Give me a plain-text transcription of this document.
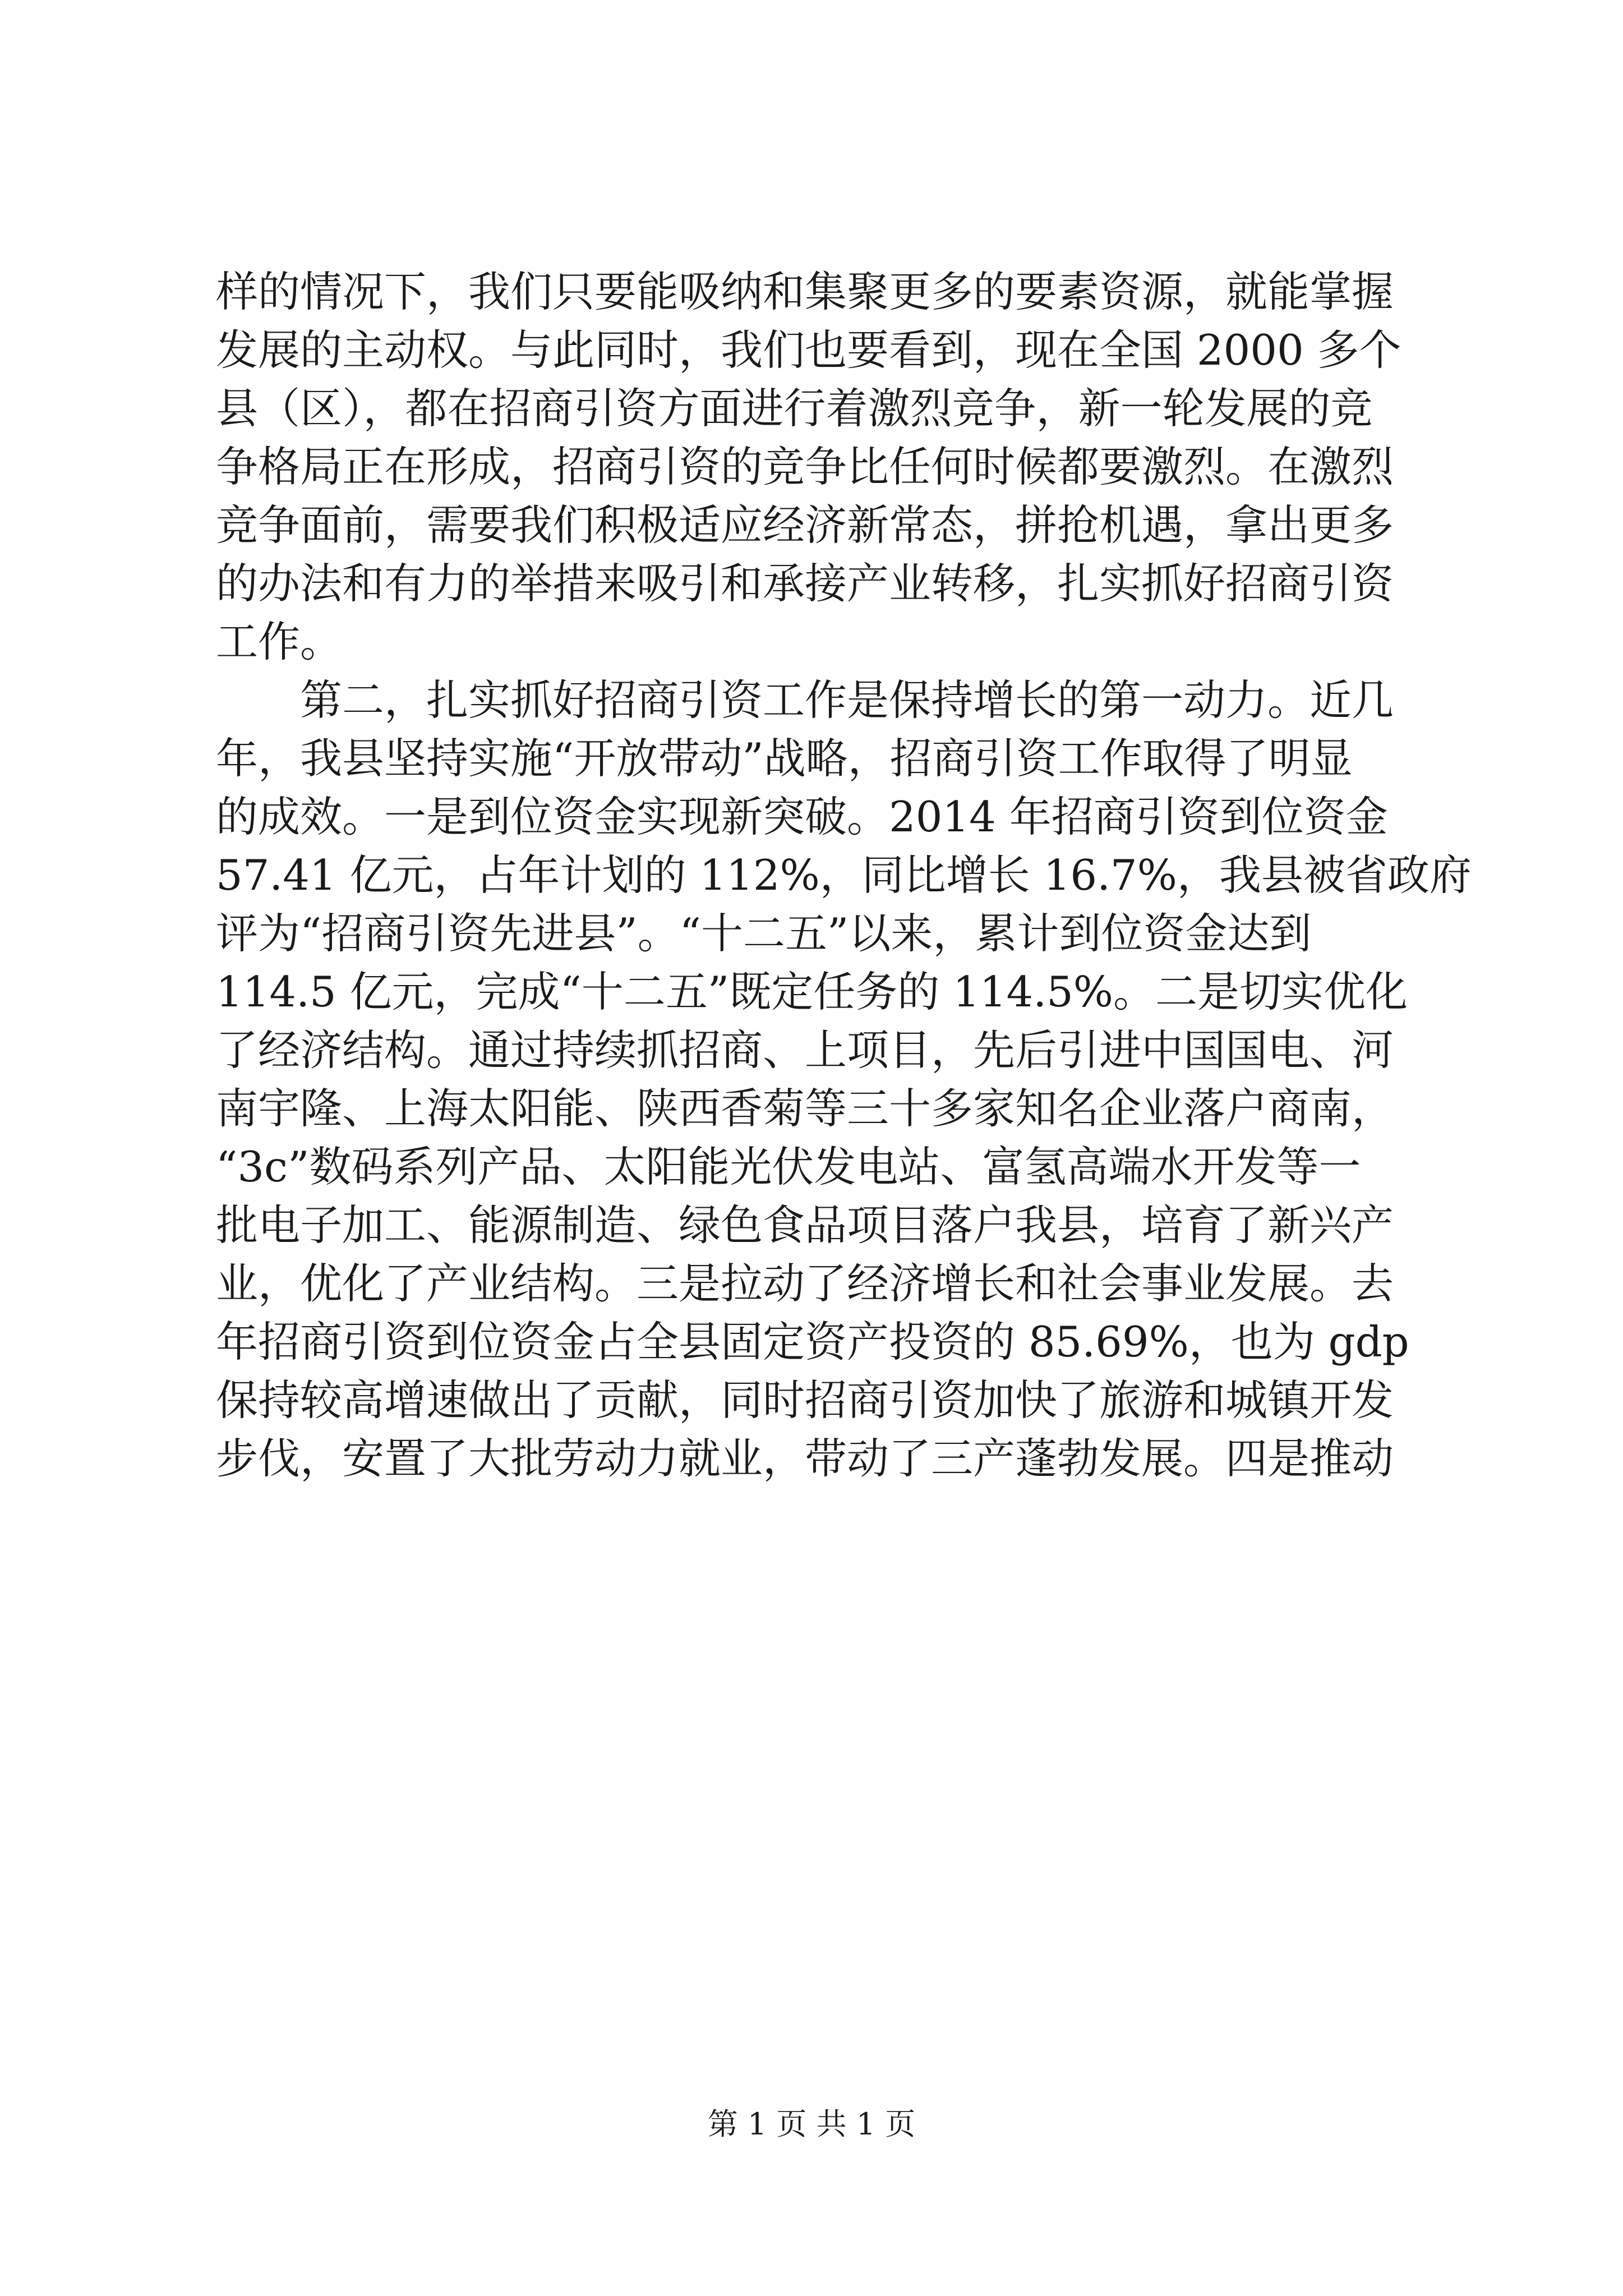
样的情况下，我们只要能吸纳和集聚更多的要素资源，就能掌握
发展的主动权。与此同时，我们也要看到，现在全国 2000 多个
县（区），都在招商引资方面进行着激烈竞争，新一轮发展的竞
争格局正在形成，招商引资的竞争比任何时候都要激烈。在激烈
竞争面前，需要我们积极适应经济新常态，拼抢机遇，拿出更多
的办法和有力的举措来吸引和承接产业转移，扎实抓好招商引资
工作。
　　第二，扎实抓好招商引资工作是保持增长的第一动力。近几
年，我县坚持实施“开放带动”战略，招商引资工作取得了明显
的成效。一是到位资金实现新突破。2014 年招商引资到位资金
57.41 亿元，占年计划的 112%，同比增长 16.7%，我县被省政府
评为“招商引资先进县”。“十二五”以来，累计到位资金达到
114.5 亿元，完成“十二五”既定任务的 114.5%。二是切实优化
了经济结构。通过持续抓招商、上项目，先后引进中国国电、河
南宇隆、上海太阳能、陕西香菊等三十多家知名企业落户商南，
“3c”数码系列产品、太阳能光伏发电站、富氢高端水开发等一
批电子加工、能源制造、绿色食品项目落户我县，培育了新兴产
业，优化了产业结构。三是拉动了经济增长和社会事业发展。去
年招商引资到位资金占全县固定资产投资的 85.69%，也为 gdp
保持较高增速做出了贡献，同时招商引资加快了旅游和城镇开发
步伐，安置了大批劳动力就业，带动了三产蓬勃发展。四是推动
第 1 页 共 1 页
